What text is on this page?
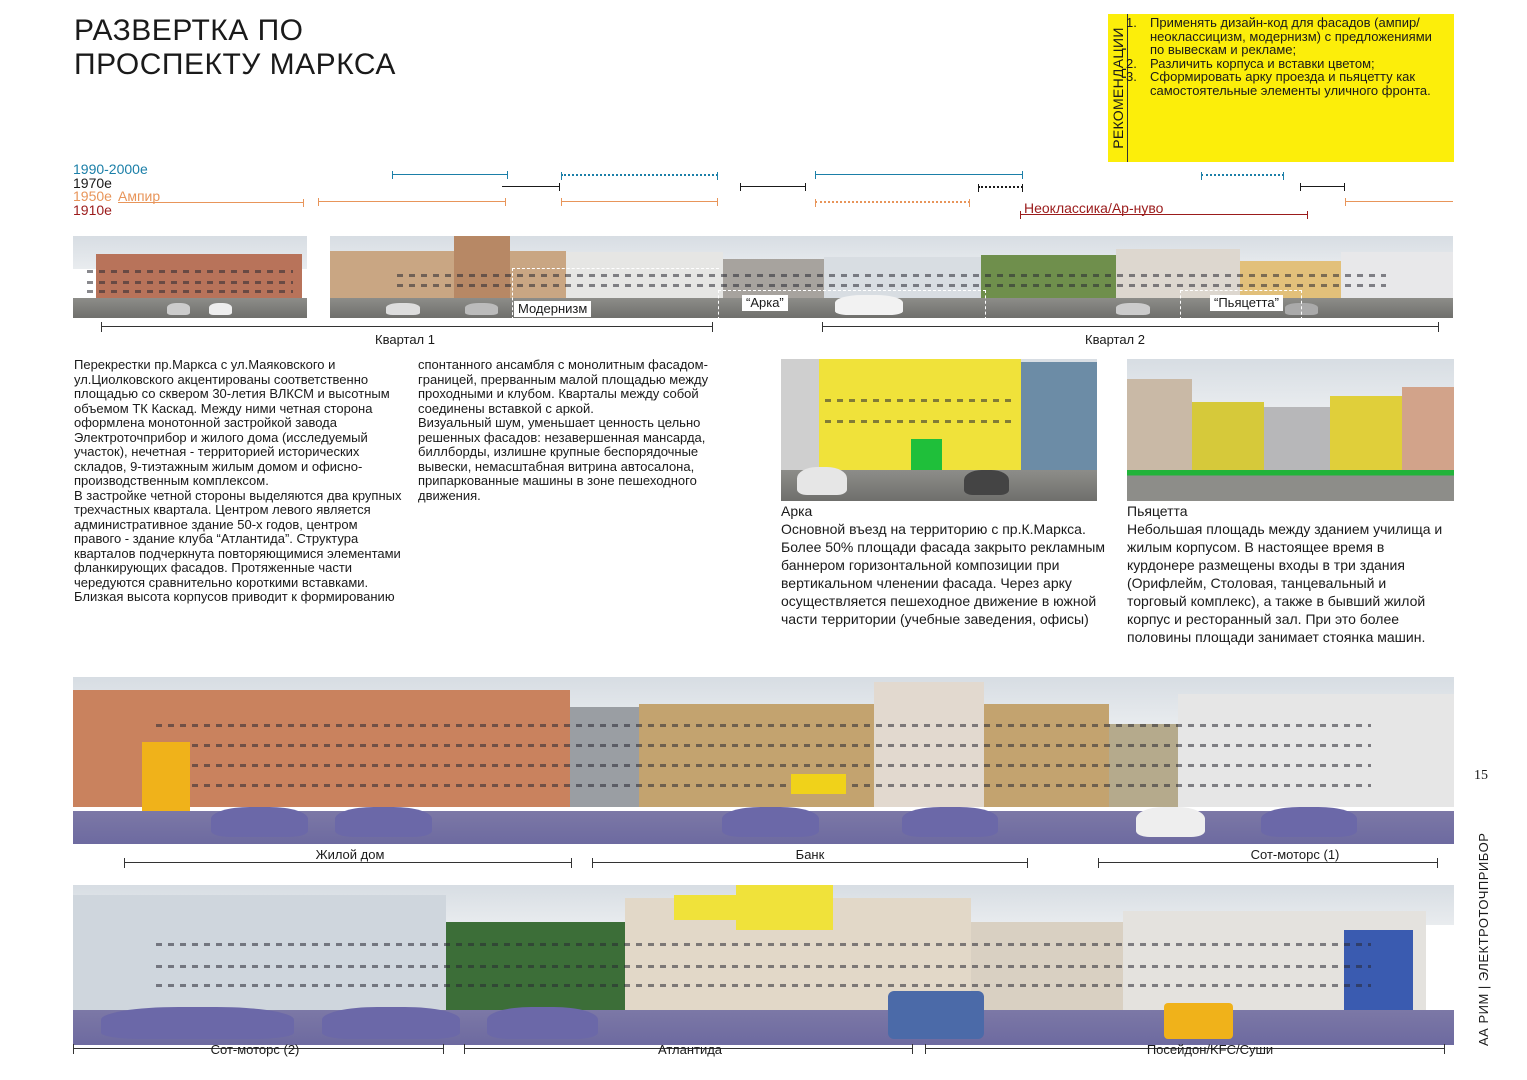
РАЗВЕРТКА ПО
ПРОСПЕКТУ МАРКСА	РЕКОМЕНДАЦИИ
1. Применять дизайн-код для фасадов (ампир/неоклассицизм, модернизм) с предложениями по вывескам и рекламе;
2. Различить корпуса и вставки цветом;
3. Сформировать арку проезда и пьяцетту как самостоятельные элементы уличного фронта.
1990-2000е
1970е
1950е
1910е
Ампир
Неоклассика/Ар-нуво
Модернизм	“Арка”	“Пьяцетта”
Квартал 1	Квартал 2

Перекрестки пр.Маркса с ул.Маяковского и ул.Циолковского акцентированы соответственно площадью со сквером 30-летия ВЛКСМ и высотным объемом ТК Каскад. Между ними четная сторона оформлена монотонной застройкой завода Электроточприбор и жилого дома (исследуемый участок), нечетная - территорией исторических складов, 9-тиэтажным жилым домом и офисно-производственным комплексом.
В застройке четной стороны выделяются два крупных трехчастных квартала. Центром левого является административное здание 50-х годов, центром правого - здание клуба “Атлантида”. Структура кварталов подчеркнута повторяющимися элементами фланкирующих фасадов. Протяженные части чередуются сравнительно короткими вставками. Близкая высота корпусов приводит к формированию

спонтанного ансамбля с монолитным фасадом-границей, прерванным малой площадью между проходными и клубом. Кварталы между собой соединены вставкой с аркой.
Визуальный шум, уменьшает ценность цельно решенных фасадов: незавершенная мансарда, биллборды, излишне крупные беспорядочные вывески, немасштабная витрина автосалона, припаркованные машины в зоне пешеходного движения.

Арка

Основной въезд на территорию с пр.К.Маркса. Более 50% площади фасада закрыто рекламным баннером горизонтальной композиции при вертикальном членении фасада. Через арку осуществляется пешеходное движение в южной части территории (учебные заведения, офисы)

Пьяцетта

Небольшая площадь между зданием училища и жилым корпусом. В настоящее время в курдонере размещены входы в три здания (Орифлейм, Столовая, танцевальный и торговый комплекс), а также в бывший жилой корпус и ресторанный зал. При это более половины площади занимает стоянка машин.

Жилой дом	Банк	Сот-моторс (1)
Сот-моторс (2)	Атлантида	Посейдон/KFC/Суши
15
АА РИМ | ЭЛЕКТРОТОЧПРИБОР
